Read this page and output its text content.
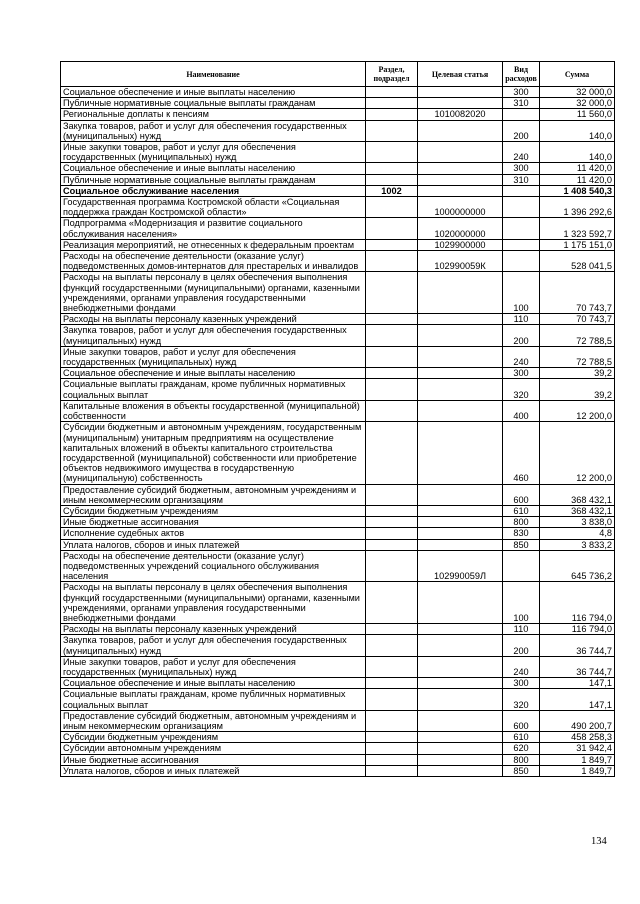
Наименование	Раздел, подраздел	Целевая статья	Вид расходов	Сумма
Социальное обеспечение и иные выплаты населению			300	32 000,0
Публичные нормативные социальные выплаты гражданам			310	32 000,0
Региональные доплаты к пенсиям		1010082020		11 560,0
Закупка товаров, работ и услуг для обеспечения государственных (муниципальных) нужд			200	140,0
Иные закупки товаров, работ и услуг для обеспечения государственных (муниципальных) нужд			240	140,0
Социальное обеспечение и иные выплаты населению			300	11 420,0
Публичные нормативные социальные выплаты гражданам			310	11 420,0
Социальное обслуживание населения	1002			1 408 540,3
Государственная программа Костромской области «Социальная поддержка граждан Костромской области»		1000000000		1 396 292,6
Подпрограмма «Модернизация и развитие социального обслуживания населения»		1020000000		1 323 592,7
Реализация мероприятий, не отнесенных к федеральным проектам		1029900000		1 175 151,0
Расходы на обеспечение деятельности (оказание услуг) подведомственных домов-интернатов для престарелых и инвалидов		102990059К		528 041,5
Расходы на выплаты персоналу в целях обеспечения выполнения функций государственными (муниципальными) органами, казенными учреждениями, органами управления государственными внебюджетными фондами			100	70 743,7
Расходы на выплаты персоналу казенных учреждений			110	70 743,7
Закупка товаров, работ и услуг для обеспечения государственных (муниципальных) нужд			200	72 788,5
Иные закупки товаров, работ и услуг для обеспечения государственных (муниципальных) нужд			240	72 788,5
Социальное обеспечение и иные выплаты населению			300	39,2
Социальные выплаты гражданам, кроме публичных нормативных социальных выплат			320	39,2
Капитальные вложения в объекты государственной (муниципальной) собственности			400	12 200,0
Субсидии бюджетным и автономным учреждениям, государственным (муниципальным) унитарным предприятиям на осуществление капитальных вложений в объекты капитального строительства государственной (муниципальной) собственности или приобретение объектов недвижимого имущества в государственную (муниципальную) собственность			460	12 200,0
Предоставление субсидий бюджетным, автономным учреждениям и иным некоммерческим организациям			600	368 432,1
Субсидии бюджетным учреждениям			610	368 432,1
Иные бюджетные ассигнования			800	3 838,0
Исполнение судебных актов			830	4,8
Уплата налогов, сборов и иных платежей			850	3 833,2
Расходы на обеспечение деятельности (оказание услуг) подведомственных учреждений социального обслуживания населения		102990059Л		645 736,2
Расходы на выплаты персоналу в целях обеспечения выполнения функций государственными (муниципальными) органами, казенными учреждениями, органами управления государственными внебюджетными фондами			100	116 794,0
Расходы на выплаты персоналу казенных учреждений			110	116 794,0
Закупка товаров, работ и услуг для обеспечения государственных (муниципальных) нужд			200	36 744,7
Иные закупки товаров, работ и услуг для обеспечения государственных (муниципальных) нужд			240	36 744,7
Социальное обеспечение и иные выплаты населению			300	147,1
Социальные выплаты гражданам, кроме публичных нормативных социальных выплат			320	147,1
Предоставление субсидий бюджетным, автономным учреждениям и иным некоммерческим организациям			600	490 200,7
Субсидии бюджетным учреждениям			610	458 258,3
Субсидии автономным учреждениям			620	31 942,4
Иные бюджетные ассигнования			800	1 849,7
Уплата налогов, сборов и иных платежей			850	1 849,7
134
